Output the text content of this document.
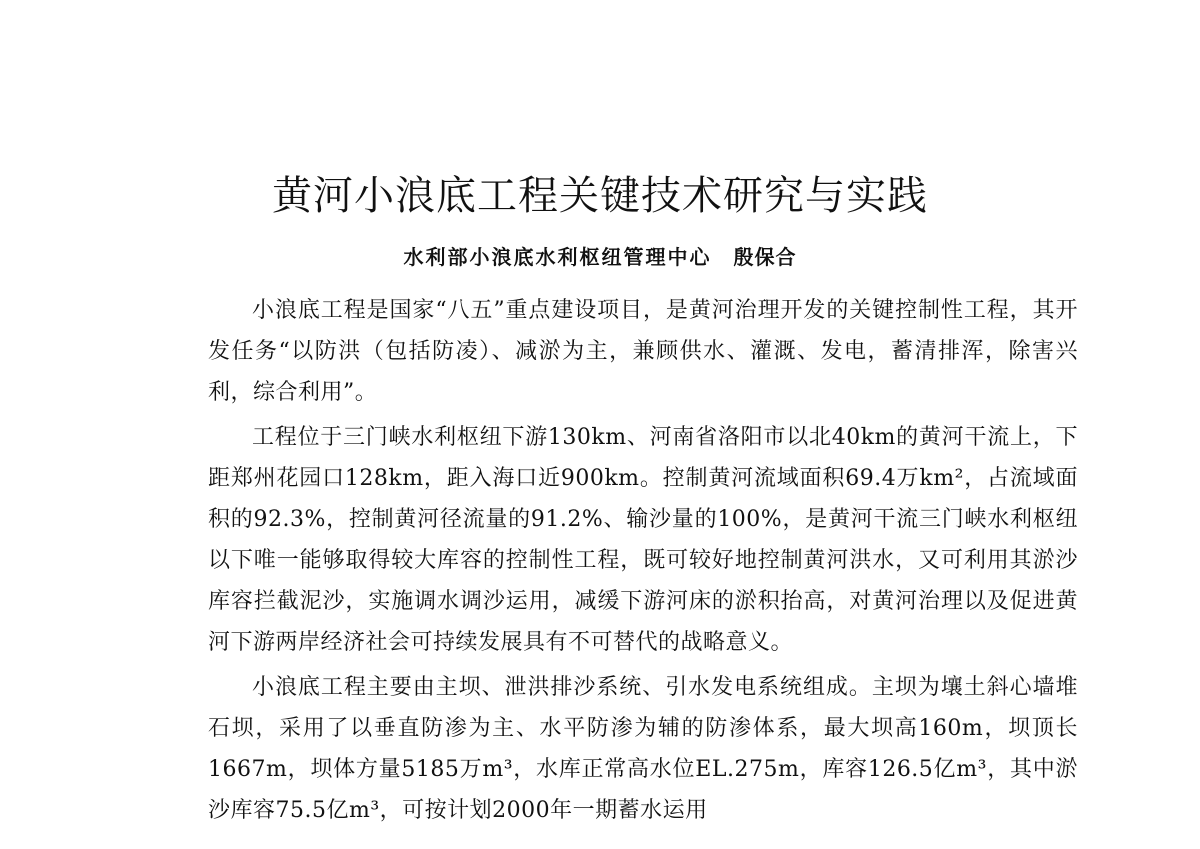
黄河小浪底工程关键技术研究与实践
水利部小浪底水利枢纽管理中心 殷保合

小浪底工程是国家“八五”重点建设项目，是黄河治理开发的关键控制性工程，其开发任务“以防洪（包括防凌）、减淤为主，兼顾供水、灌溉、发电，蓄清排浑，除害兴利，综合利用”。

工程位于三门峡水利枢纽下游130km、河南省洛阳市以北40km的黄河干流上，下距郑州花园口128km，距入海口近900km。控制黄河流域面积69.4万km²，占流域面积的92.3%，控制黄河径流量的91.2%、输沙量的100%，是黄河干流三门峡水利枢纽以下唯一能够取得较大库容的控制性工程，既可较好地控制黄河洪水，又可利用其淤沙库容拦截泥沙，实施调水调沙运用，减缓下游河床的淤积抬高，对黄河治理以及促进黄河下游两岸经济社会可持续发展具有不可替代的战略意义。

小浪底工程主要由主坝、泄洪排沙系统、引水发电系统组成。主坝为壤土斜心墙堆石坝，采用了以垂直防渗为主、水平防渗为辅的防渗体系，最大坝高160m，坝顶长1667m，坝体方量5185万m³，水库正常高水位EL.275m，库容126.5亿m³，其中淤沙库容75.5亿m³，可按计划2000年一期蓄水运用
